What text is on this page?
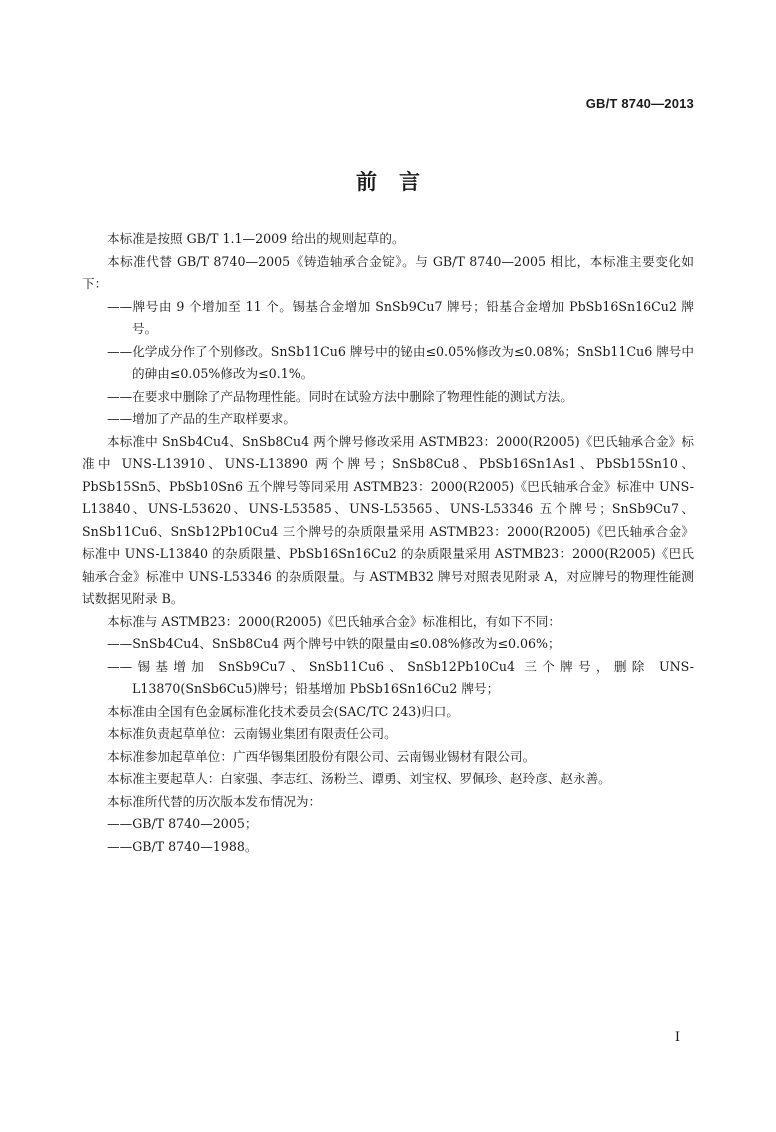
GB/T 8740—2013
前言

本标准是按照 GB/T 1.1—2009 给出的规则起草的。

本标准代替 GB/T 8740—2005《铸造轴承合金锭》。与 GB/T 8740—2005 相比，本标准主要变化如下：

——牌号由 9 个增加至 11 个。锡基合金增加 SnSb9Cu7 牌号；铅基合金增加 PbSb16Sn16Cu2 牌号。

——化学成分作了个别修改。SnSb11Cu6 牌号中的铋由≤0.05%修改为≤0.08%；SnSb11Cu6 牌号中的砷由≤0.05%修改为≤0.1%。

——在要求中删除了产品物理性能。同时在试验方法中删除了物理性能的测试方法。

——增加了产品的生产取样要求。

本标准中 SnSb4Cu4、SnSb8Cu4 两个牌号修改采用 ASTMB23：2000(R2005)《巴氏轴承合金》标准中 UNS-L13910、UNS-L13890 两个牌号；SnSb8Cu8、PbSb16Sn1As1、PbSb15Sn10、PbSb15Sn5、PbSb10Sn6 五个牌号等同采用 ASTMB23：2000(R2005)《巴氏轴承合金》标准中 UNS-L13840、UNS-L53620、UNS-L53585、UNS-L53565、UNS-L53346 五个牌号；SnSb9Cu7、SnSb11Cu6、SnSb12Pb10Cu4 三个牌号的杂质限量采用 ASTMB23：2000(R2005)《巴氏轴承合金》标准中 UNS-L13840 的杂质限量、PbSb16Sn16Cu2 的杂质限量采用 ASTMB23：2000(R2005)《巴氏轴承合金》标准中 UNS-L53346 的杂质限量。与 ASTMB32 牌号对照表见附录 A，对应牌号的物理性能测试数据见附录 B。

本标准与 ASTMB23：2000(R2005)《巴氏轴承合金》标准相比，有如下不同：

——SnSb4Cu4、SnSb8Cu4 两个牌号中铁的限量由≤0.08%修改为≤0.06%；

——锡基增加 SnSb9Cu7、SnSb11Cu6、SnSb12Pb10Cu4 三个牌号，删除 UNS-L13870(SnSb6Cu5)牌号；铅基增加 PbSb16Sn16Cu2 牌号；

本标准由全国有色金属标准化技术委员会(SAC/TC 243)归口。

本标准负责起草单位：云南锡业集团有限责任公司。

本标准参加起草单位：广西华锡集团股份有限公司、云南锡业锡材有限公司。

本标准主要起草人：白家强、李志红、汤粉兰、谭勇、刘宝权、罗佩珍、赵玲彦、赵永善。

本标准所代替的历次版本发布情况为：

——GB/T 8740—2005；

——GB/T 8740—1988。

I
